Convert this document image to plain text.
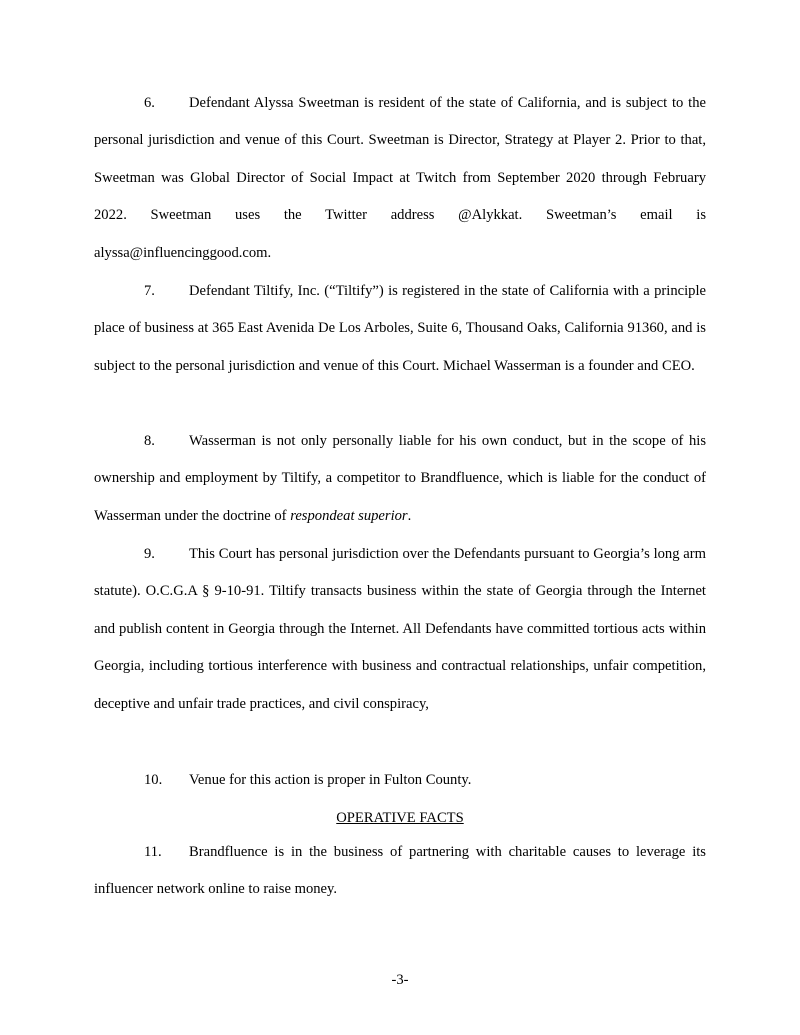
6. Defendant Alyssa Sweetman is resident of the state of California, and is subject to the personal jurisdiction and venue of this Court. Sweetman is Director, Strategy at Player 2. Prior to that, Sweetman was Global Director of Social Impact at Twitch from September 2020 through February 2022. Sweetman uses the Twitter address @Alykkat. Sweetman’s email is alyssa@influencinggood.com.

7. Defendant Tiltify, Inc. (“Tiltify”) is registered in the state of California with a principle place of business at 365 East Avenida De Los Arboles, Suite 6, Thousand Oaks, California 91360, and is subject to the personal jurisdiction and venue of this Court. Michael Wasserman is a founder and CEO.

8. Wasserman is not only personally liable for his own conduct, but in the scope of his ownership and employment by Tiltify, a competitor to Brandfluence, which is liable for the conduct of Wasserman under the doctrine of respondeat superior.

9. This Court has personal jurisdiction over the Defendants pursuant to Georgia’s long arm statute). O.C.G.A § 9-10-91. Tiltify transacts business within the state of Georgia through the Internet and publish content in Georgia through the Internet. All Defendants have committed tortious acts within Georgia, including tortious interference with business and contractual relationships, unfair competition, deceptive and unfair trade practices, and civil conspiracy,

10. Venue for this action is proper in Fulton County.

OPERATIVE FACTS

11. Brandfluence is in the business of partnering with charitable causes to leverage its influencer network online to raise money.

-3-
